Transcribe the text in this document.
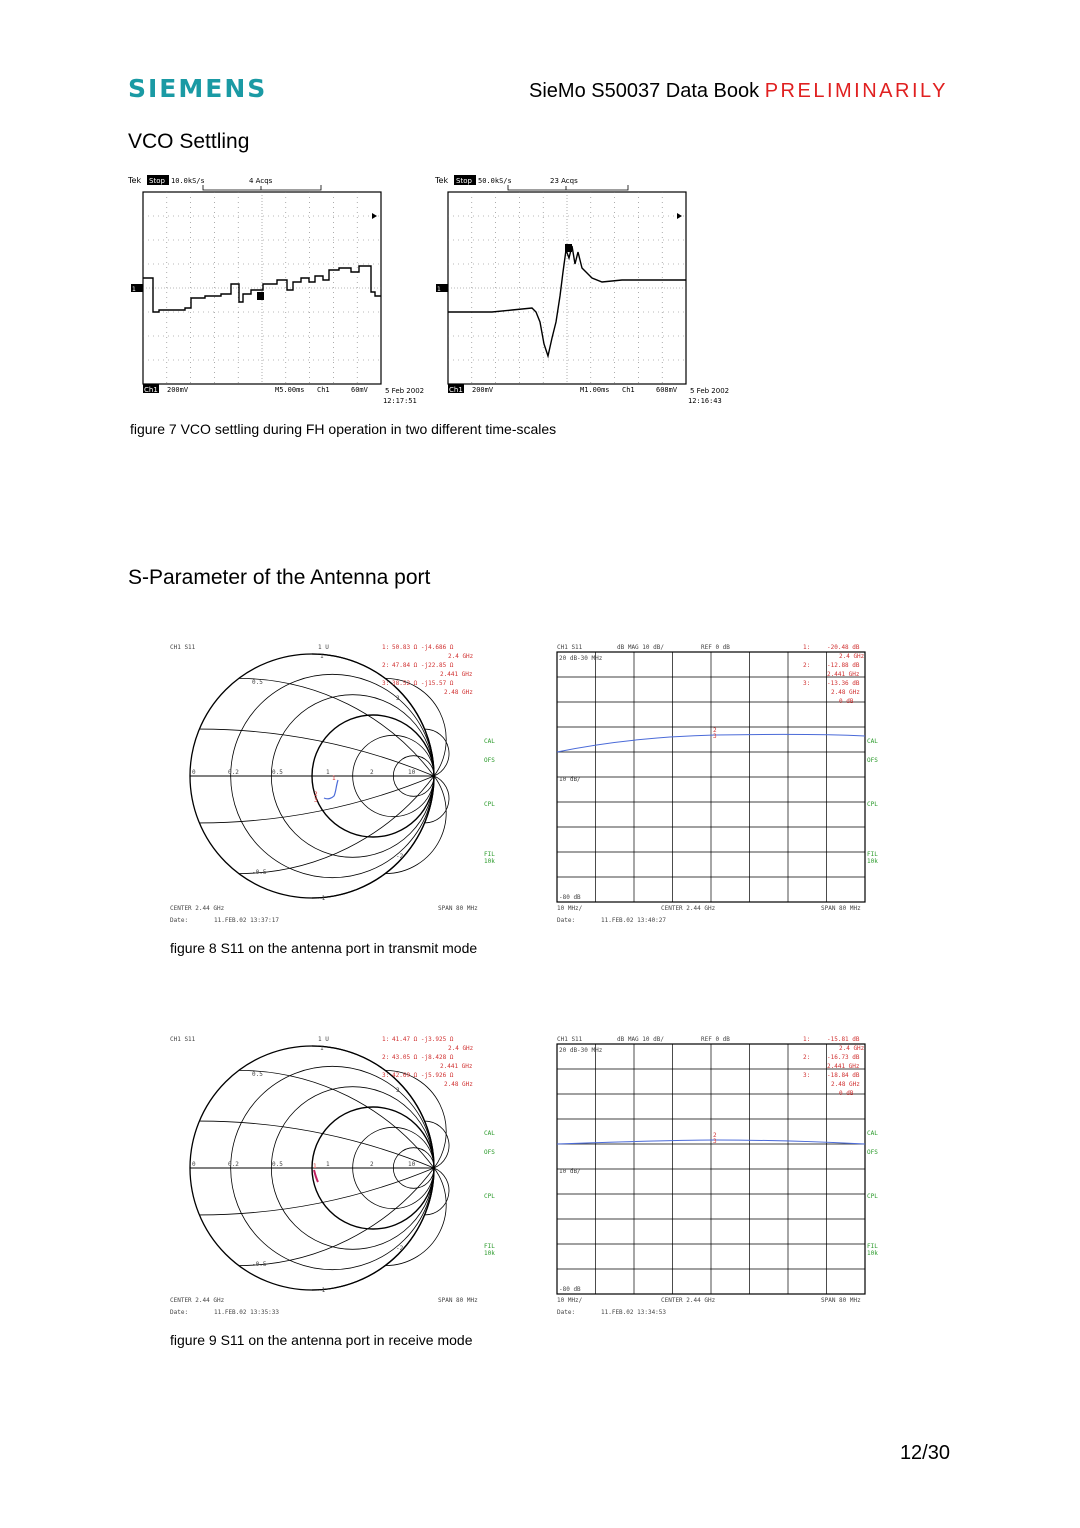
SIEMENS	SieMo S50037 Data Book PRELIMINARILY
VCO Settling
Tek Stop 10.0kS/s	4 Acqs
1
Ch1 200mV	M5.00ms Ch1	60mV 5 Feb 2002
12:17:51
Tek Stop 50.0kS/s	23 Acqs
1
Ch1 200mV	M1.00ms Ch1	608mV 5 Feb 2002
12:16:43
figure 7 VCO settling during FH operation in two different time-scales
S-Parameter of the Antenna port
0	0.2	0.5	1	2	10
0.5
-0.5
1
-1
2
-2
CH1 S11	1 U	1: 50.83 Ω -j4.686 Ω
2.4 GHz
2: 47.84 Ω -j22.85 Ω
2.441 GHz
3: 38.52 Ω -j15.57 Ω
2.48 GHz
CAL
OFS
CPL
FIL
10k
1
2
3
CENTER 2.44 GHz	SPAN 80 MHz
Date:	11.FEB.02 13:37:17
CH1 S11	dB MAG 10 dB/	REF 0 dB	1:	-20.48 dB
2.4 GHz
2:	-12.88 dB
2.441 GHz
3:	-13.36 dB
2.48 GHz
0 dB
20 dB-30 MHz
10 dB/
-80 dB
CAL
OFS
CPL
FIL
10k
2
3
10 MHz/	CENTER 2.44 GHz	SPAN 80 MHz
Date:	11.FEB.02 13:40:27
figure 8 S11 on the antenna port in transmit mode
0	0.2	0.5	1	2	10
0.5
-0.5
1
-1
2
-2
CH1 S11	1 U	1: 41.47 Ω -j3.925 Ω
2.4 GHz
2: 43.05 Ω -j8.428 Ω
2.441 GHz
3: 42.69 Ω -j5.926 Ω
2.48 GHz
CAL
OFS
CPL
FIL
10k
1
CENTER 2.44 GHz	SPAN 80 MHz
Date:	11.FEB.02 13:35:33
CH1 S11	dB MAG 10 dB/	REF 0 dB	1:	-15.81 dB
2.4 GHz
2:	-16.73 dB
2.441 GHz
3:	-18.84 dB
2.48 GHz
0 dB
20 dB-30 MHz
10 dB/
-80 dB
CAL
OFS
CPL
FIL
10k
2
3
10 MHz/	CENTER 2.44 GHz	SPAN 80 MHz
Date:	11.FEB.02 13:34:53
figure 9 S11 on the antenna port in receive mode
12/30
